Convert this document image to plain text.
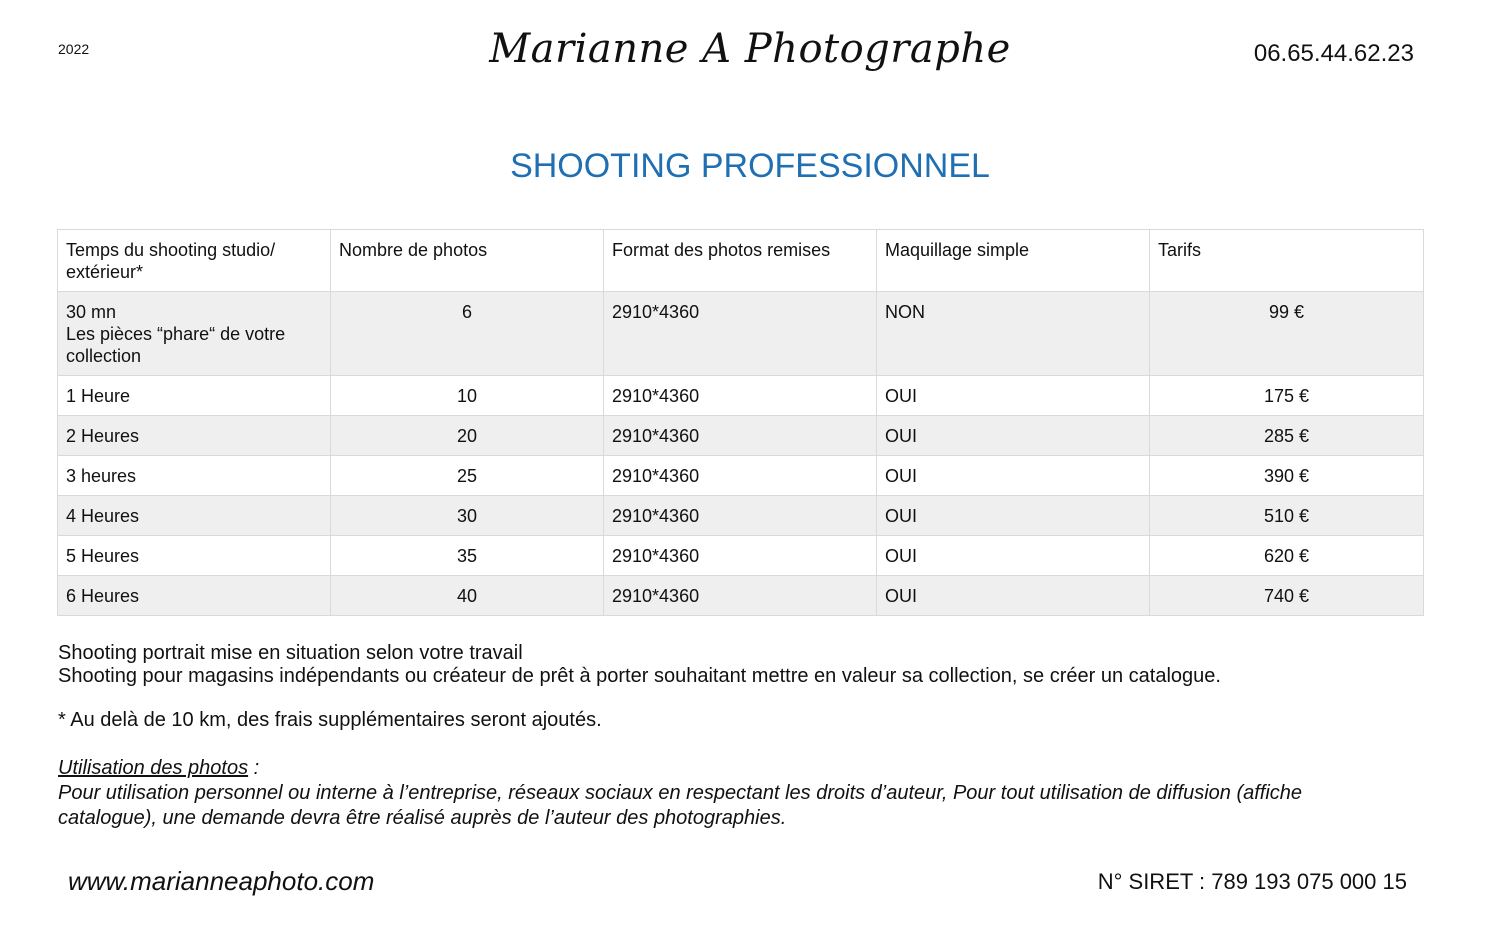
2022	Marianne A Photographe	06.65.44.62.23
SHOOTING PROFESSIONNEL
Temps du shooting studio/ extérieur*	Nombre de photos	Format des photos remises	Maquillage simple	Tarifs

30 mn
Les pièces “phare“ de votre collection	6	2910*4360	NON	99 €
1 Heure	10	2910*4360	OUI	175 €
2 Heures	20	2910*4360	OUI	285 €
3 heures	25	2910*4360	OUI	390 €
4 Heures	30	2910*4360	OUI	510 €
5 Heures	35	2910*4360	OUI	620 €
6 Heures	40	2910*4360	OUI	740 €

Shooting portrait mise en situation selon votre travail

Shooting pour magasins indépendants ou créateur de prêt à porter souhaitant mettre en valeur sa collection, se créer un catalogue.

* Au delà de 10 km, des frais supplémentaires seront ajoutés.
Utilisation des photos :
Pour utilisation personnel ou interne à l’entreprise, réseaux sociaux en respectant les droits d’auteur, Pour tout utilisation de diffusion (affiche catalogue), une demande devra être réalisé auprès de l’auteur des photographies.
www.marianneaphoto.com	N° SIRET : 789 193 075 000 15
